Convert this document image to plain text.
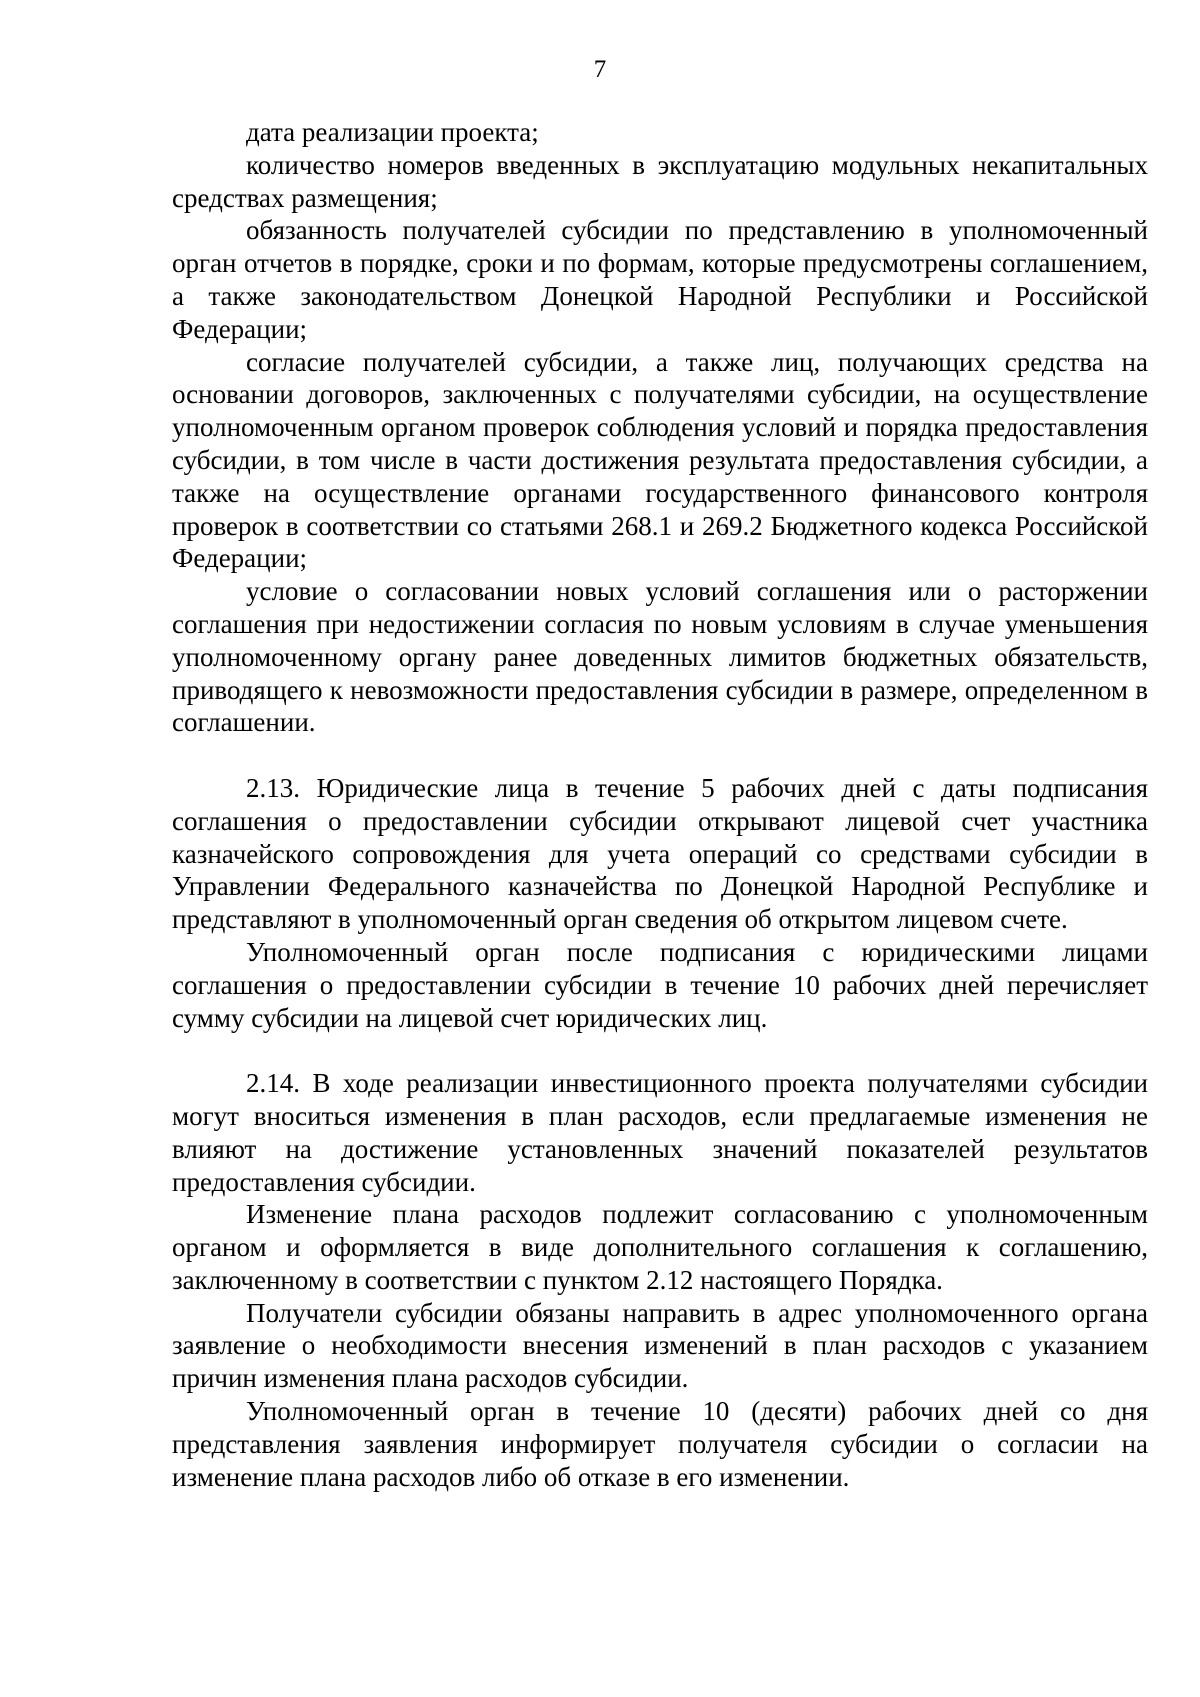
7

дата реализации проекта;

количество номеров введенных в эксплуатацию модульных некапитальных средствах размещения;

обязанность получателей субсидии по представлению в уполномоченный орган отчетов в порядке, сроки и по формам, которые предусмотрены соглашением, а также законодательством Донецкой Народной Республики и Российской Федерации;

согласие получателей субсидии, а также лиц, получающих средства на основании договоров, заключенных с получателями субсидии, на осуществление уполномоченным органом проверок соблюдения условий и порядка предоставления субсидии, в том числе в части достижения результата предоставления субсидии, а также на осуществление органами государственного финансового контроля проверок в соответствии со статьями 268.1 и 269.2 Бюджетного кодекса Российской Федерации;

условие о согласовании новых условий соглашения или о расторжении соглашения при недостижении согласия по новым условиям в случае уменьшения уполномоченному органу ранее доведенных лимитов бюджетных обязательств, приводящего к невозможности предоставления субсидии в размере, определенном в соглашении.

2.13. Юридические лица в течение 5 рабочих дней с даты подписания соглашения о предоставлении субсидии открывают лицевой счет участника казначейского сопровождения для учета операций со средствами субсидии в Управлении Федерального казначейства по Донецкой Народной Республике и представляют в уполномоченный орган сведения об открытом лицевом счете.

Уполномоченный орган после подписания с юридическими лицами соглашения о предоставлении субсидии в течение 10 рабочих дней перечисляет сумму субсидии на лицевой счет юридических лиц.

2.14. В ходе реализации инвестиционного проекта получателями субсидии могут вноситься изменения в план расходов, если предлагаемые изменения не влияют на достижение установленных значений показателей результатов предоставления субсидии.

Изменение плана расходов подлежит согласованию с уполномоченным органом и оформляется в виде дополнительного соглашения к соглашению, заключенному в соответствии с пунктом 2.12 настоящего Порядка.

Получатели субсидии обязаны направить в адрес уполномоченного органа заявление о необходимости внесения изменений в план расходов с указанием причин изменения плана расходов субсидии.

Уполномоченный орган в течение 10 (десяти) рабочих дней со дня представления заявления информирует получателя субсидии о согласии на изменение плана расходов либо об отказе в его изменении.
